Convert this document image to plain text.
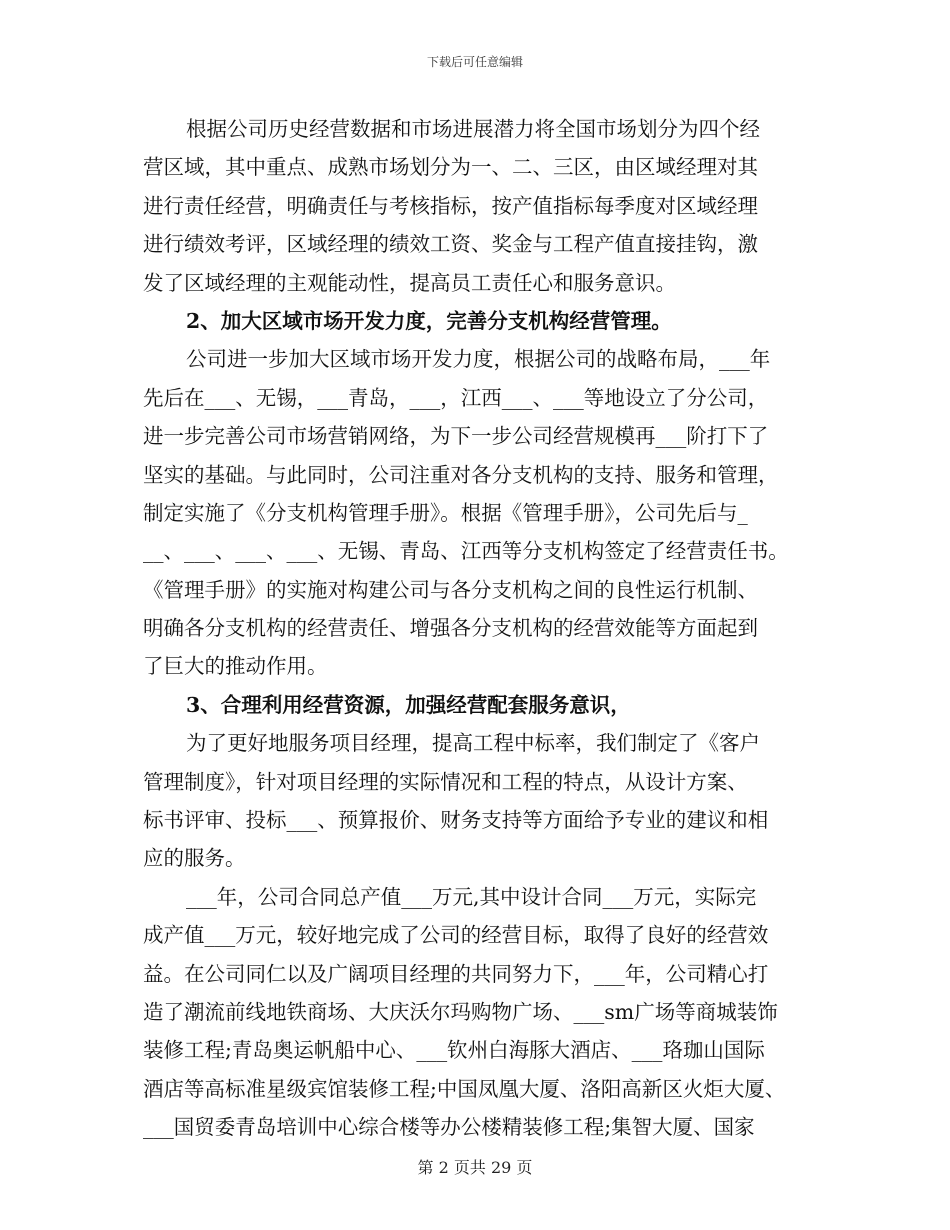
下载后可任意编辑
根据公司历史经营数据和市场进展潜力将全国市场划分为四个经
营区域，其中重点、成熟市场划分为一、二、三区，由区域经理对其
进行责任经营，明确责任与考核指标，按产值指标每季度对区域经理
进行绩效考评，区域经理的绩效工资、奖金与工程产值直接挂钩，激
发了区域经理的主观能动性，提高员工责任心和服务意识。
2、加大区域市场开发力度，完善分支机构经营管理。
公司进一步加大区域市场开发力度，根据公司的战略布局，___年
先后在___、无锡，___青岛，___，江西___、___等地设立了分公司，
进一步完善公司市场营销网络，为下一步公司经营规模再___阶打下了
坚实的基础。与此同时，公司注重对各分支机构的支持、服务和管理，
制定实施了《分支机构管理手册》。根据《管理手册》，公司先后与_
__、___、___、___、无锡、青岛、江西等分支机构签定了经营责任书。
《管理手册》的实施对构建公司与各分支机构之间的良性运行机制、
明确各分支机构的经营责任、增强各分支机构的经营效能等方面起到
了巨大的推动作用。
3、合理利用经营资源，加强经营配套服务意识，
为了更好地服务项目经理，提高工程中标率，我们制定了《客户
管理制度》，针对项目经理的实际情况和工程的特点，从设计方案、
标书评审、投标___、预算报价、财务支持等方面给予专业的建议和相
应的服务。
___年，公司合同总产值___万元,其中设计合同___万元，实际完
成产值___万元，较好地完成了公司的经营目标，取得了良好的经营效
益。在公司同仁以及广阔项目经理的共同努力下，___年，公司精心打
造了潮流前线地铁商场、大庆沃尔玛购物广场、___sm广场等商城装饰
装修工程;青岛奥运帆船中心、___钦州白海豚大酒店、___珞珈山国际
酒店等高标准星级宾馆装修工程;中国凤凰大厦、洛阳高新区火炬大厦、
___国贸委青岛培训中心综合楼等办公楼精装修工程;集智大厦、国家
第 2 页共 29 页
